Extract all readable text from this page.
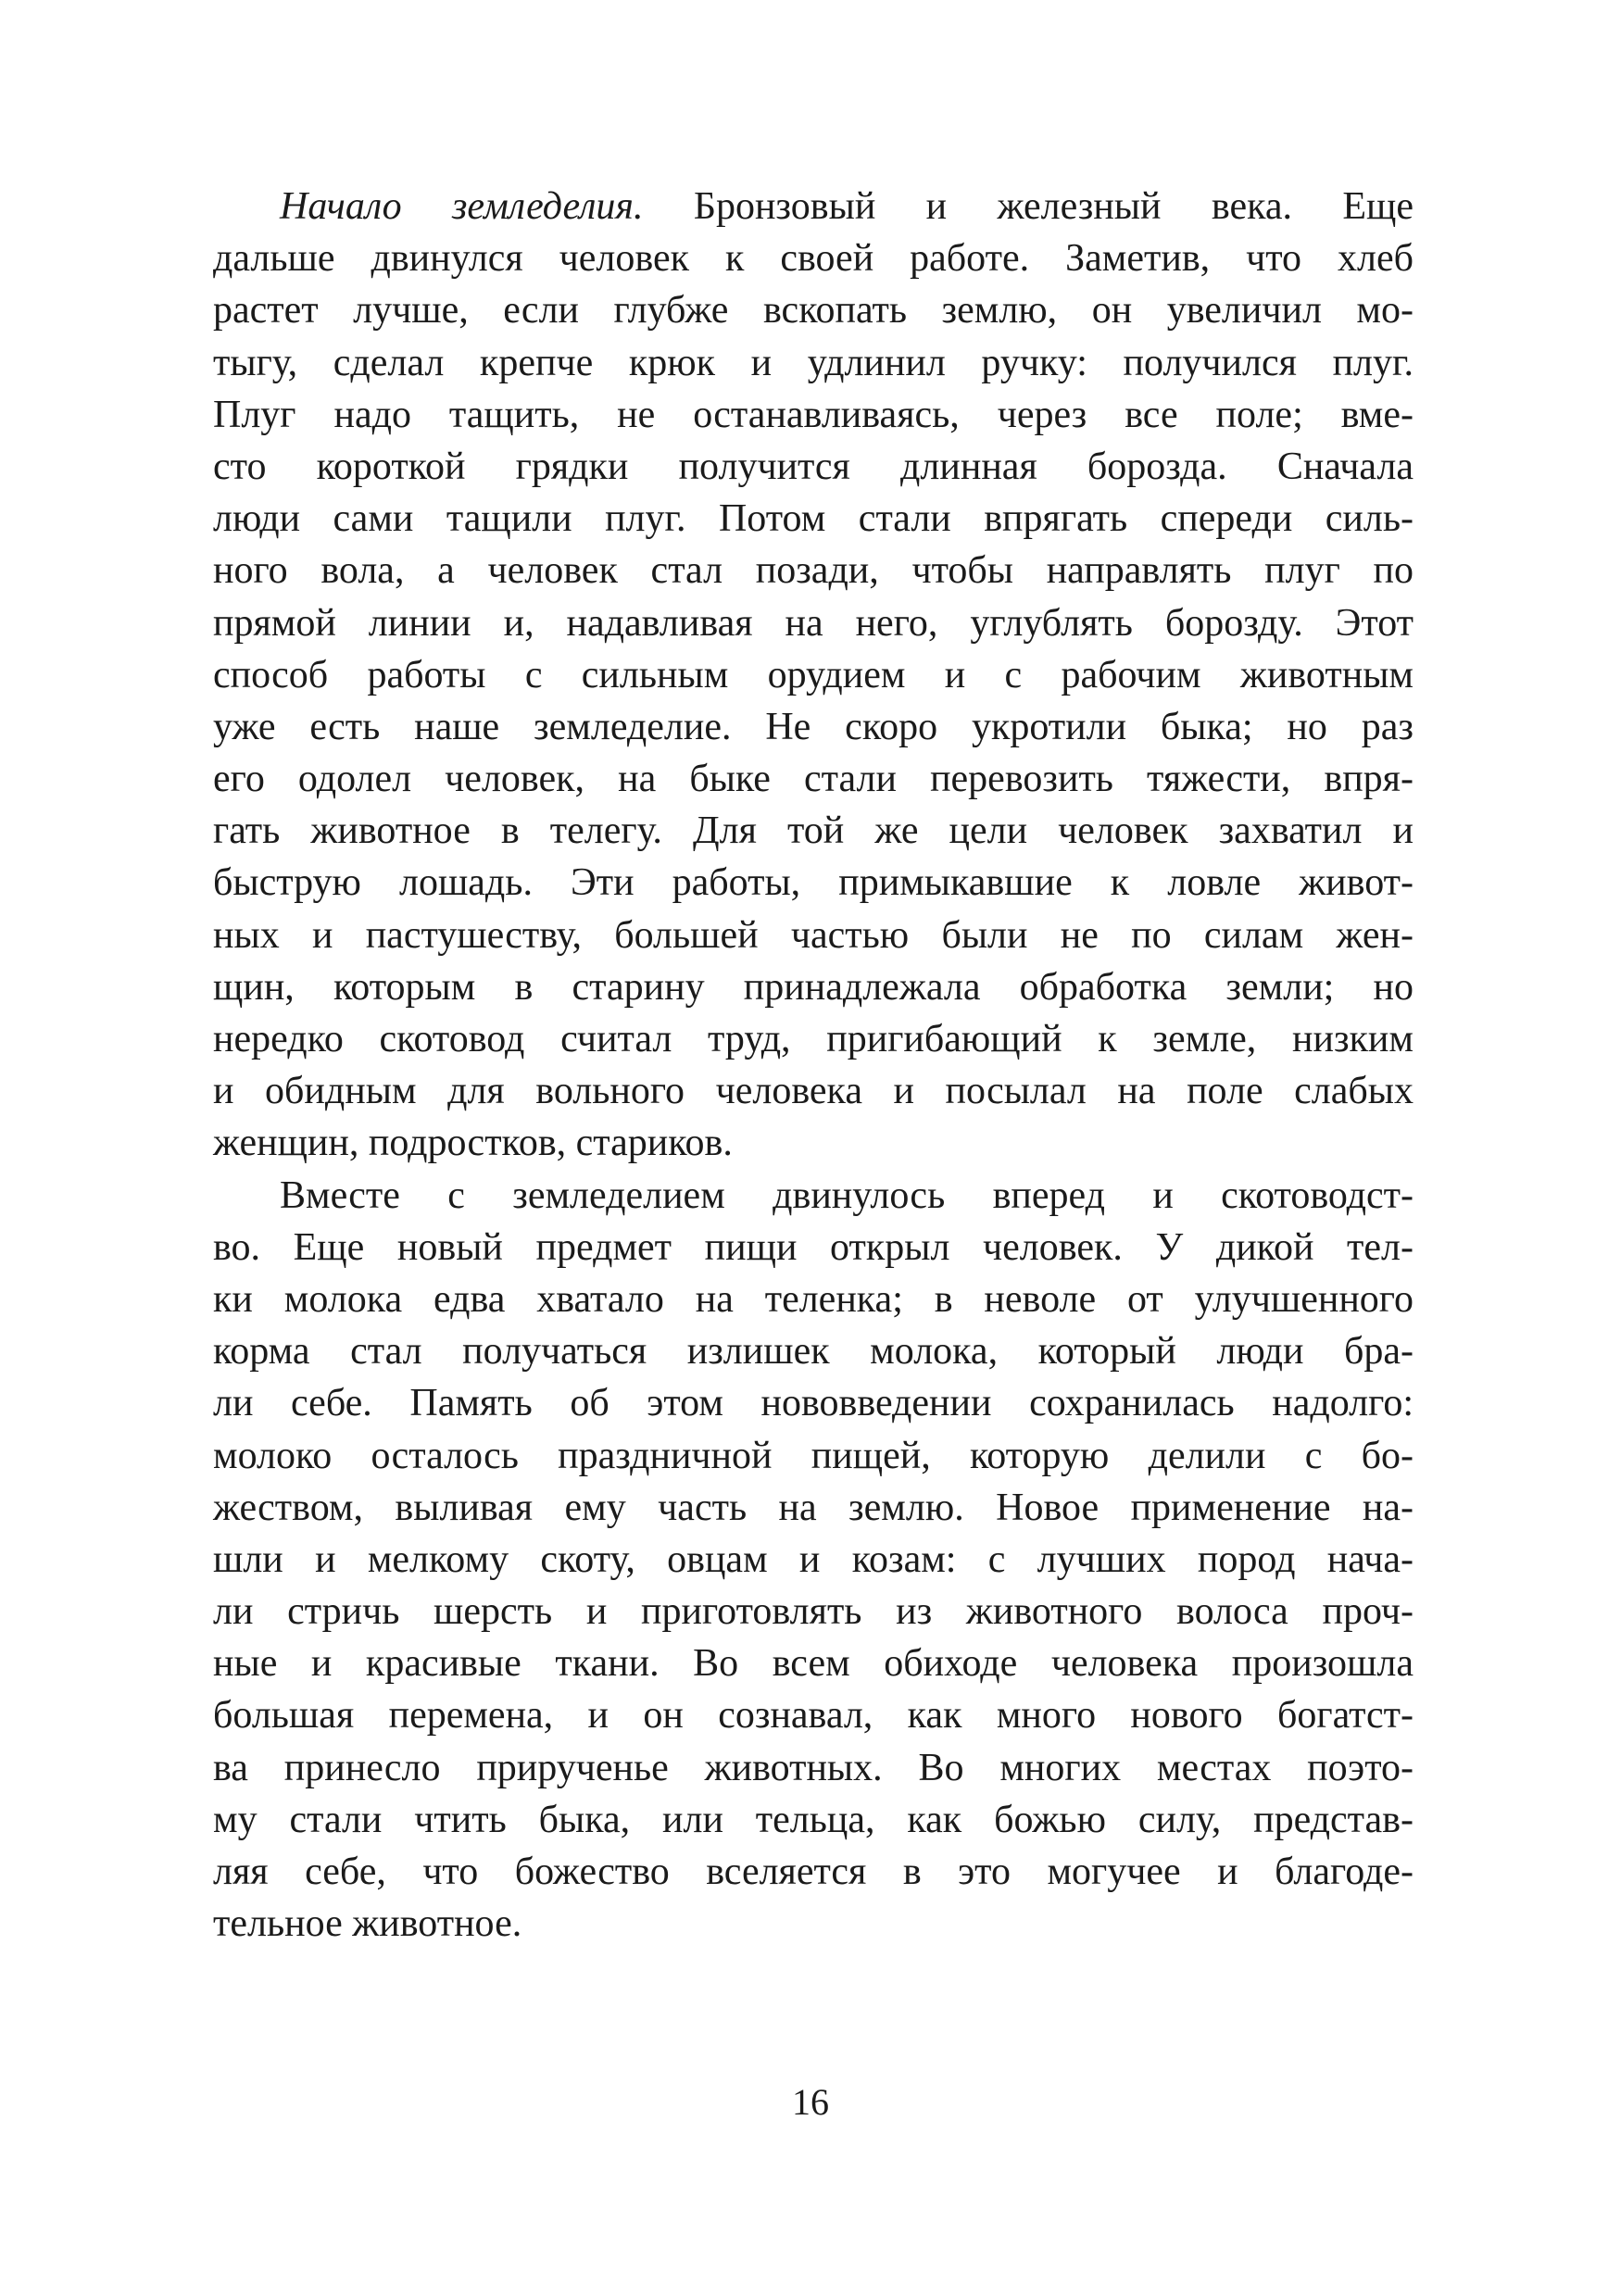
Начало земледелия. Бронзовый и железный века. Еще
дальше двинулся человек к своей работе. Заметив, что хлеб
растет лучше, если глубже вскопать землю, он увеличил мо-
тыгу, сделал крепче крюк и удлинил ручку: получился плуг.
Плуг надо тащить, не останавливаясь, через все поле; вме-
сто короткой грядки получится длинная борозда. Сначала
люди сами тащили плуг. Потом стали впрягать спереди силь-
ного вола, а человек стал позади, чтобы направлять плуг по
прямой линии и, надавливая на него, углублять борозду. Этот
способ работы с сильным орудием и с рабочим животным
уже есть наше земледелие. Не скоро укротили быка; но раз
его одолел человек, на быке стали перевозить тяжести, впря-
гать животное в телегу. Для той же цели человек захватил и
быструю лошадь. Эти работы, примыкавшие к ловле живот-
ных и пастушеству, большей частью были не по силам жен-
щин, которым в старину принадлежала обработка земли; но
нередко скотовод считал труд, пригибающий к земле, низким
и обидным для вольного человека и посылал на поле слабых
женщин, подростков, стариков.
Вместе с земледелием двинулось вперед и скотоводст-
во. Еще новый предмет пищи открыл человек. У дикой тел-
ки молока едва хватало на теленка; в неволе от улучшенного
корма стал получаться излишек молока, который люди бра-
ли себе. Память об этом нововведении сохранилась надолго:
молоко осталось праздничной пищей, которую делили с бо-
жеством, выливая ему часть на землю. Новое применение на-
шли и мелкому скоту, овцам и козам: с лучших пород нача-
ли стричь шерсть и приготовлять из животного волоса проч-
ные и красивые ткани. Во всем обиходе человека произошла
большая перемена, и он сознавал, как много нового богатст-
ва принесло прирученье животных. Во многих местах поэто-
му стали чтить быка, или тельца, как божью силу, представ-
ляя себе, что божество вселяется в это могучее и благоде-
тельное животное.
16
